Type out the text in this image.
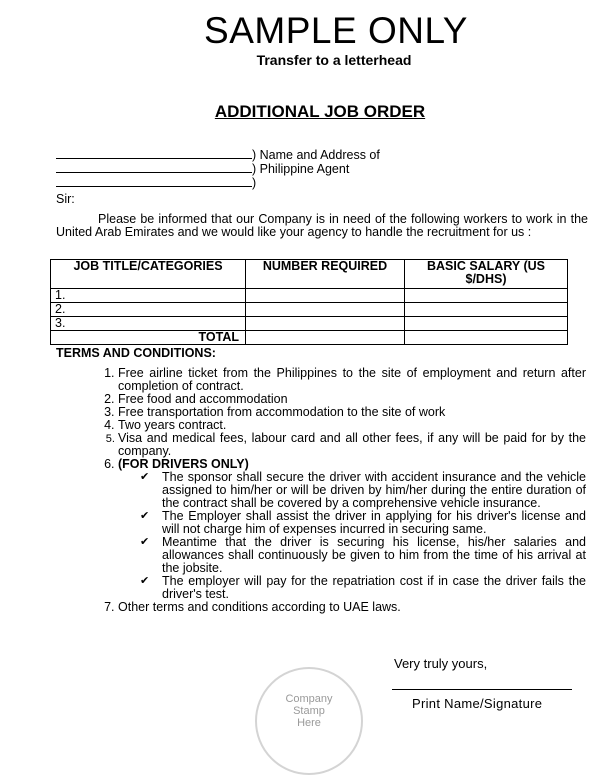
SAMPLE ONLY
Transfer to a letterhead
ADDITIONAL JOB ORDER
) Name and Address of
) Philippine Agent
)
Sir:
Please be informed that our Company is in need of the following workers to work in the United Arab Emirates and we would like your agency to handle the recruitment for us :
JOB TITLE/CATEGORIES	NUMBER REQUIRED	BASIC SALARY (US $/DHS)
1.		
2.		
3.		
TOTAL		
TERMS AND CONDITIONS:
1. Free airline ticket from the Philippines to the site of employment and return after completion of contract.
2. Free food and accommodation
3. Free transportation from accommodation to the site of work
4. Two years contract.
5. Visa and medical fees, labour card and all other fees, if any will be paid for by the company.
6. (FOR DRIVERS ONLY)
✔ The sponsor shall secure the driver with accident insurance and the vehicle assigned to him/her or will be driven by him/her during the entire duration of the contract shall be covered by a comprehensive vehicle insurance.
✔ The Employer shall assist the driver in applying for his driver's license and will not charge him of expenses incurred in securing same.
✔ Meantime that the driver is securing his license, his/her salaries and allowances shall continuously be given to him from the time of his arrival at the jobsite.
✔ The employer will pay for the repatriation cost if in case the driver fails the driver's test.
7. Other terms and conditions according to UAE laws.
Very truly yours,
Print Name/Signature
Company
Stamp
Here
